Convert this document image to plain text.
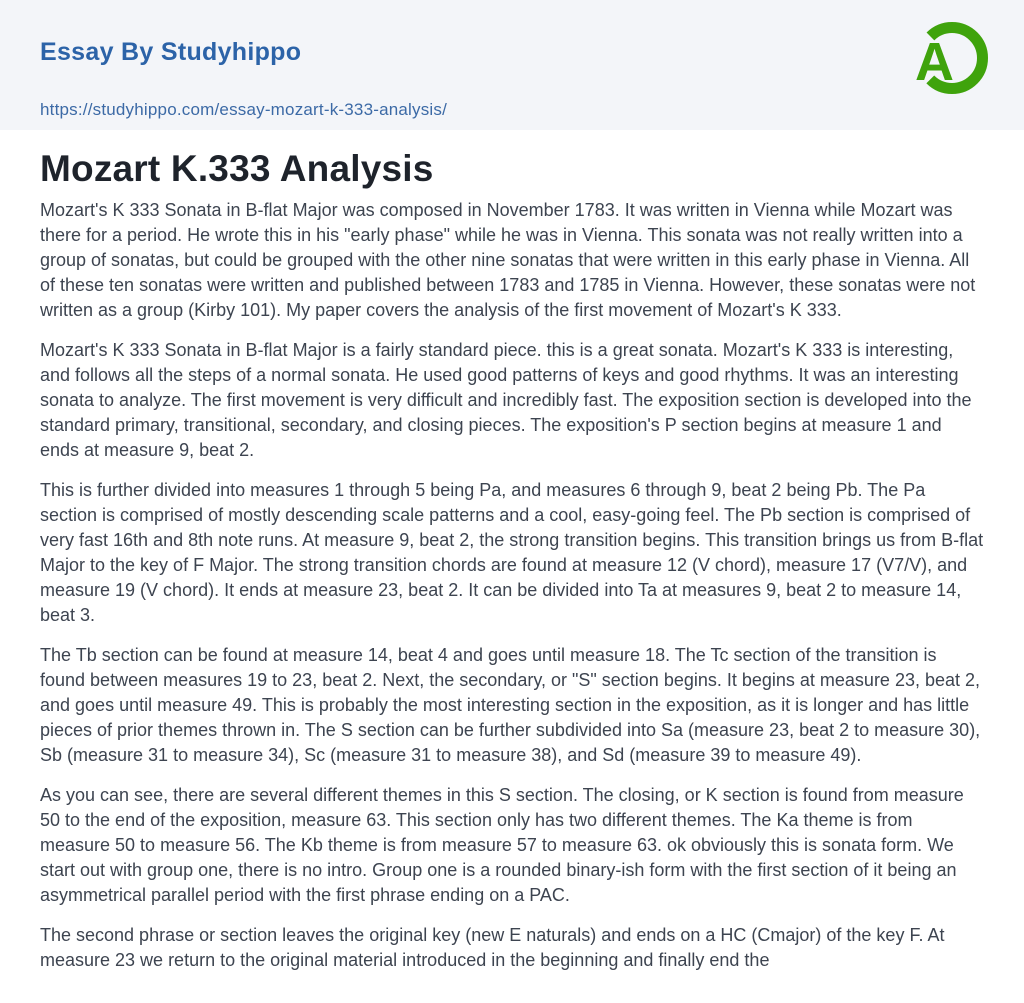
Essay By Studyhippo

https://studyhippo.com/essay-mozart-k-333-analysis/
A
Mozart K.333 Analysis

Mozart's K 333 Sonata in B-flat Major was composed in November 1783. It was written in Vienna while Mozart was there for a period. He wrote this in his "early phase" while he was in Vienna. This sonata was not really written into a group of sonatas, but could be grouped with the other nine sonatas that were written in this early phase in Vienna. All of these ten sonatas were written and published between 1783 and 1785 in Vienna. However, these sonatas were not written as a group (Kirby 101). My paper covers the analysis of the first movement of Mozart's K 333.

Mozart's K 333 Sonata in B-flat Major is a fairly standard piece. this is a great sonata. Mozart's K 333 is interesting, and follows all the steps of a normal sonata. He used good patterns of keys and good rhythms. It was an interesting sonata to analyze. The first movement is very difficult and incredibly fast. The exposition section is developed into the standard primary, transitional, secondary, and closing pieces. The exposition's P section begins at measure 1 and ends at measure 9, beat 2.

This is further divided into measures 1 through 5 being Pa, and measures 6 through 9, beat 2 being Pb. The Pa section is comprised of mostly descending scale patterns and a cool, easy-going feel. The Pb section is comprised of very fast 16th and 8th note runs. At measure 9, beat 2, the strong transition begins. This transition brings us from B-flat Major to the key of F Major. The strong transition chords are found at measure 12 (V chord), measure 17 (V7/V), and measure 19 (V chord). It ends at measure 23, beat 2. It can be divided into Ta at measures 9, beat 2 to measure 14, beat 3.

The Tb section can be found at measure 14, beat 4 and goes until measure 18. The Tc section of the transition is found between measures 19 to 23, beat 2. Next, the secondary, or "S" section begins. It begins at measure 23, beat 2, and goes until measure 49. This is probably the most interesting section in the exposition, as it is longer and has little pieces of prior themes thrown in. The S section can be further subdivided into Sa (measure 23, beat 2 to measure 30), Sb (measure 31 to measure 34), Sc (measure 31 to measure 38), and Sd (measure 39 to measure 49).

As you can see, there are several different themes in this S section. The closing, or K section is found from measure 50 to the end of the exposition, measure 63. This section only has two different themes. The Ka theme is from measure 50 to measure 56. The Kb theme is from measure 57 to measure 63. ok obviously this is sonata form. We start out with group one, there is no intro. Group one is a rounded binary-ish form with the first section of it being an asymmetrical parallel period with the first phrase ending on a PAC.

The second phrase or section leaves the original key (new E naturals) and ends on a HC (Cmajor) of the key F. At measure 23 we return to the original material introduced in the beginning and finally end the
